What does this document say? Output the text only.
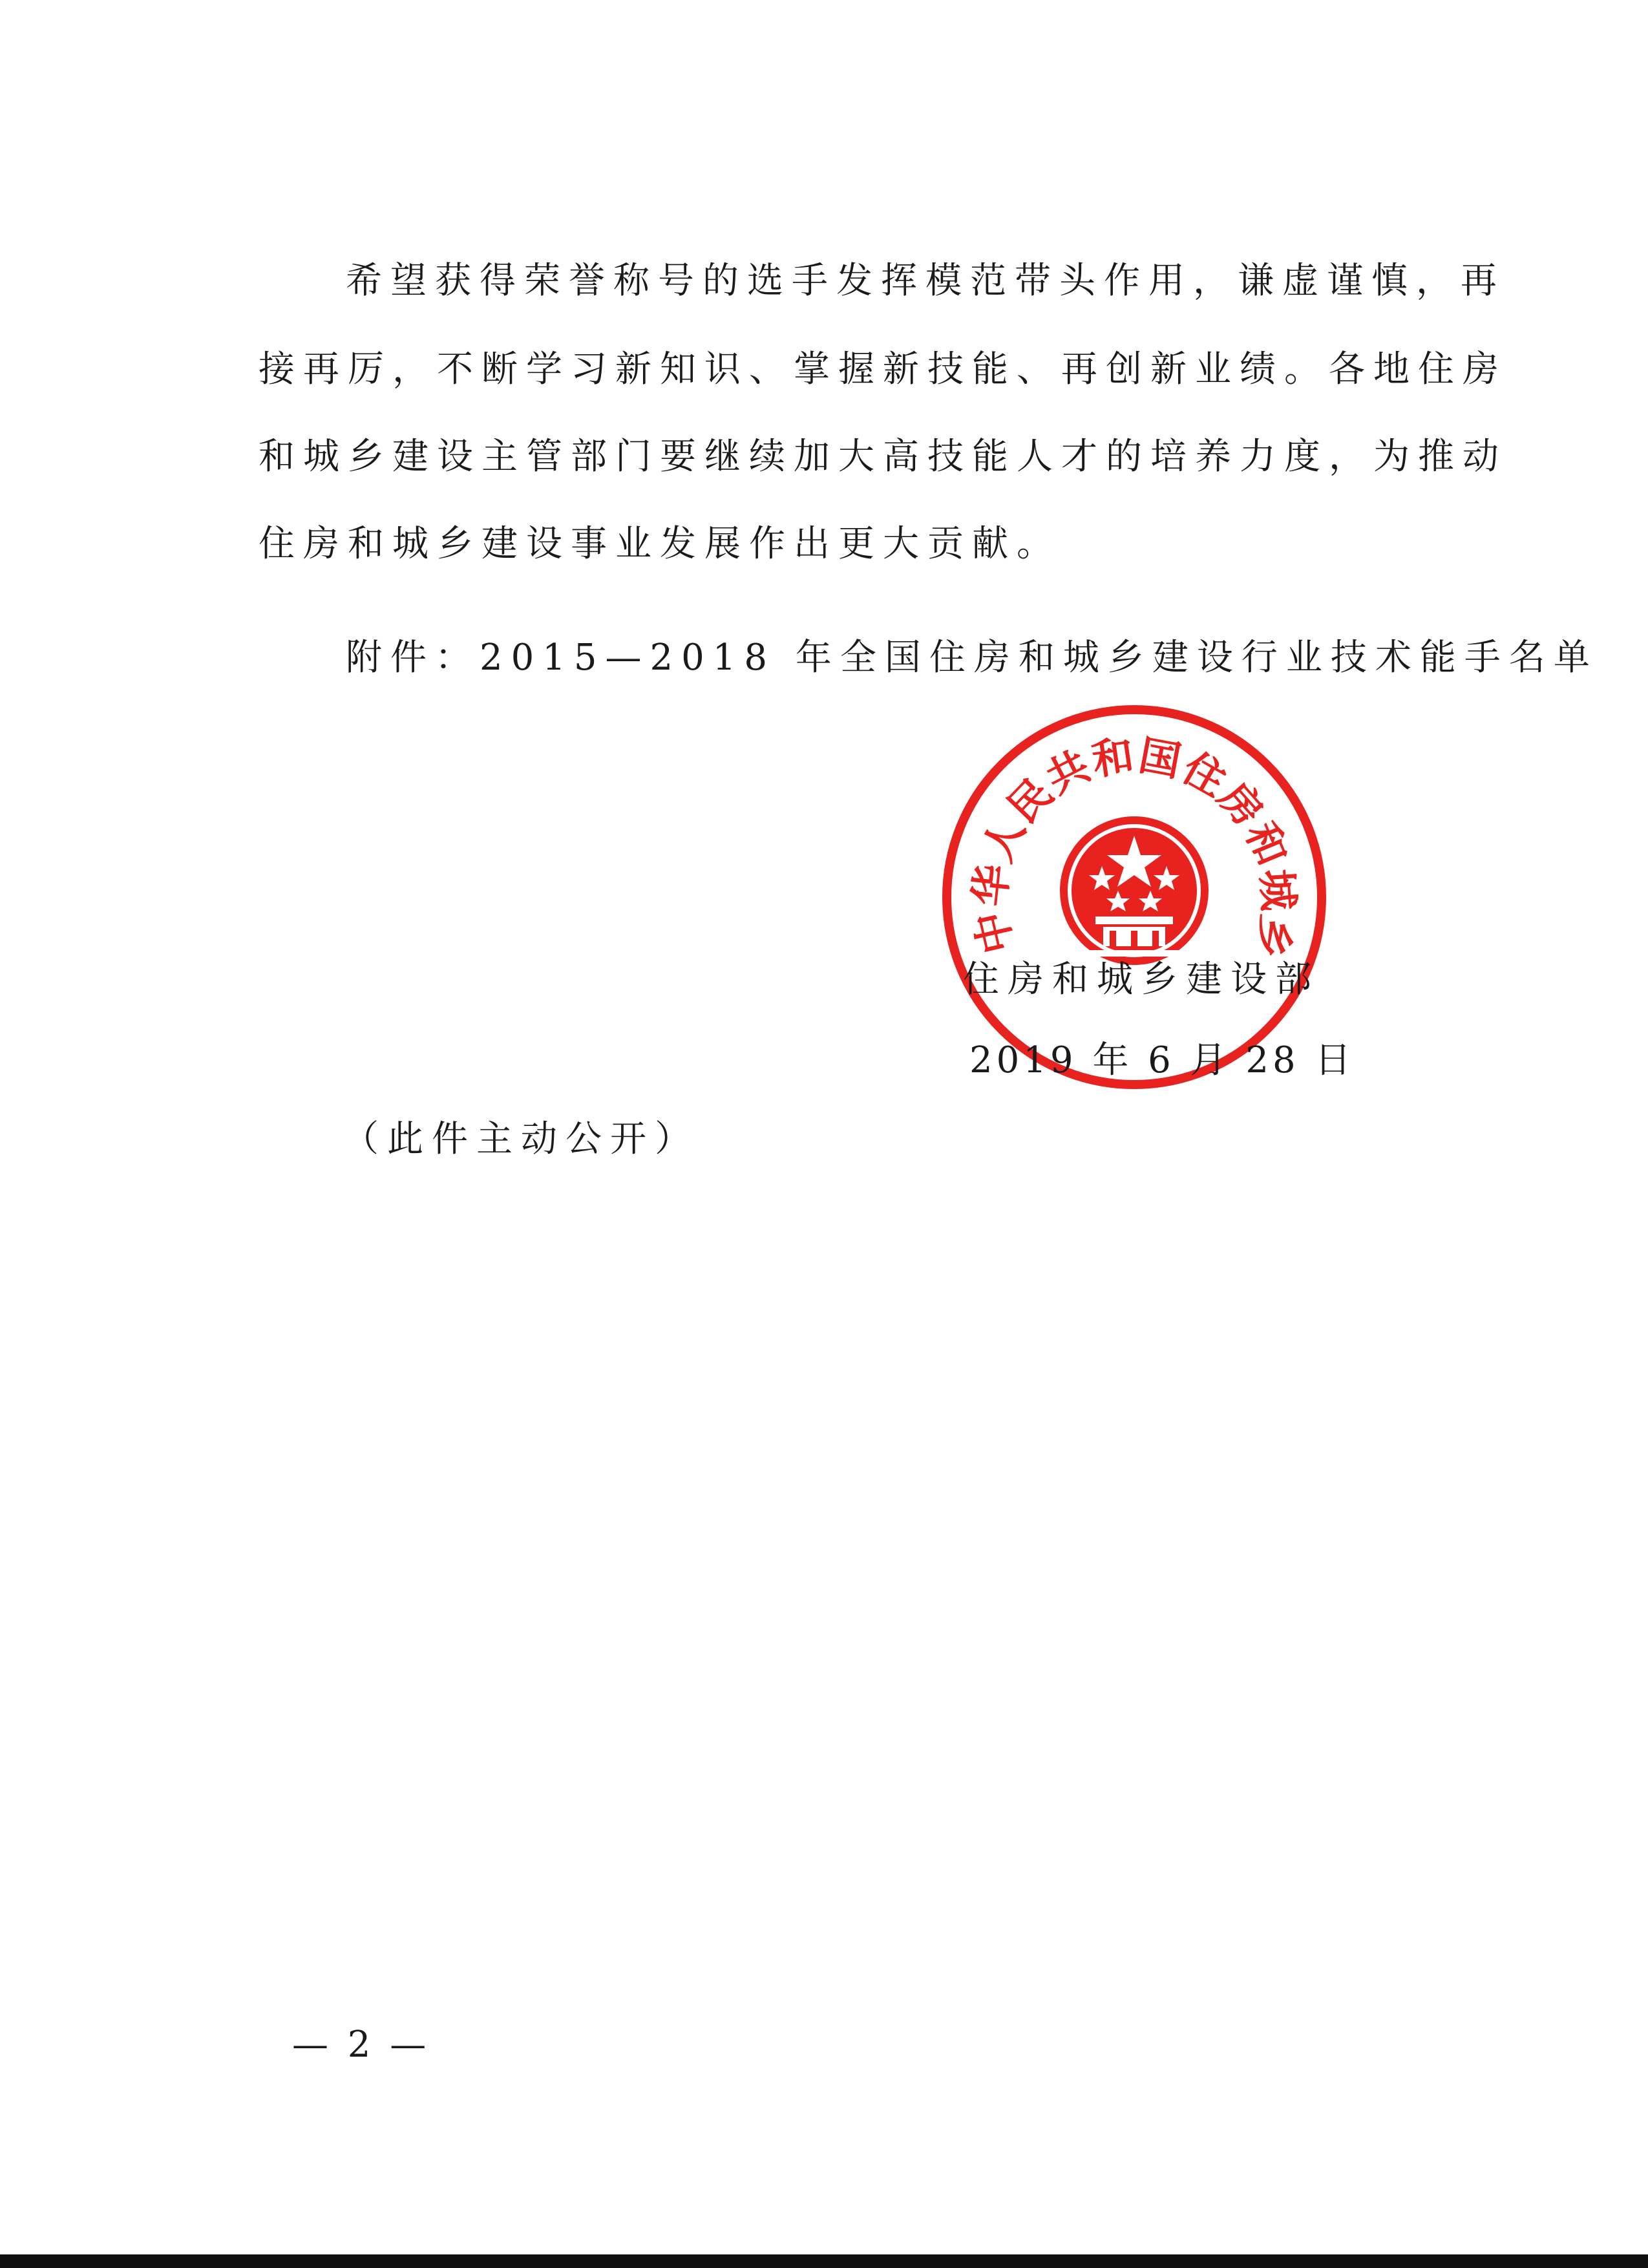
希望获得荣誉称号的选手发挥模范带头作用，谦虚谨慎，再
接再厉，不断学习新知识、掌握新技能、再创新业绩。各地住房
和城乡建设主管部门要继续加大高技能人才的培养力度，为推动
住房和城乡建设事业发展作出更大贡献。
附件：2015—2018 年全国住房和城乡建设行业技术能手名单
中华人民共和国住房和城乡
住房和城乡建设部
2019 年 6 月 28 日
（此件主动公开）
— 2 —
